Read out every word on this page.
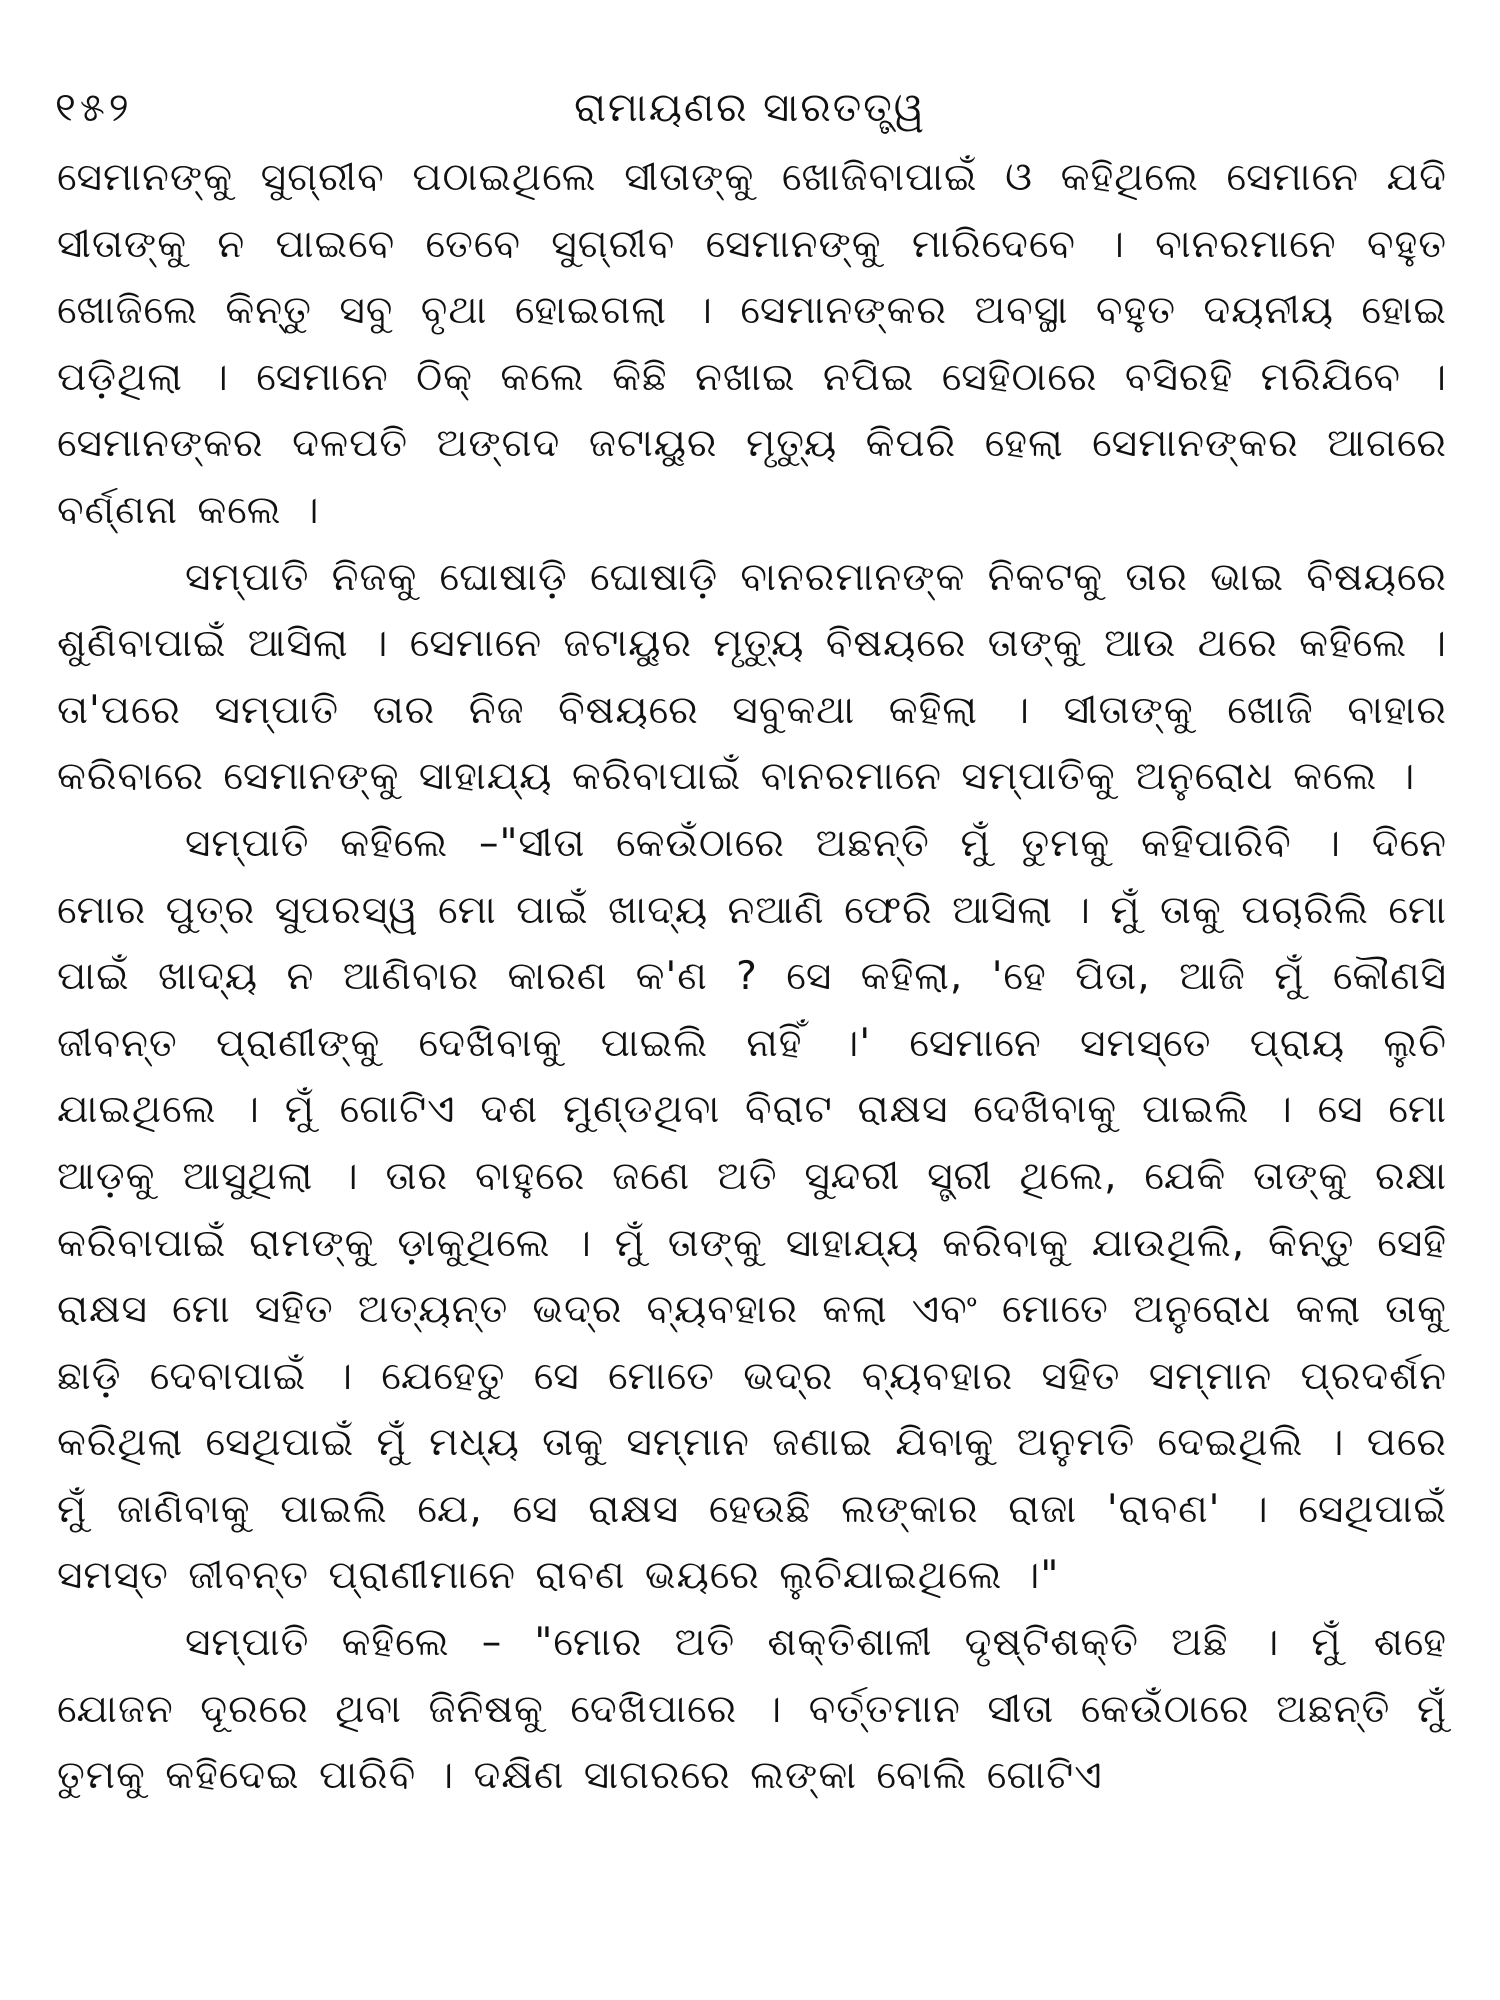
୧୫୨	ରାମାୟଣର ସାରତତ୍ତ୍ୱ

ସେମାନଙ୍କୁ ସୁଗ୍ରୀବ ପଠାଇଥିଲେ ସୀତାଙ୍କୁ ଖୋଜିବାପାଇଁ ଓ କହିଥିଲେ ସେମାନେ ଯଦି ସୀତାଙ୍କୁ ନ ପାଇବେ ତେବେ ସୁଗ୍ରୀବ ସେମାନଙ୍କୁ ମାରିଦେବେ । ବାନରମାନେ ବହୁତ ଖୋଜିଲେ କିନ୍ତୁ ସବୁ ବୃଥା ହୋଇଗଲା । ସେମାନଙ୍କର ଅବସ୍ଥା ବହୁତ ଦୟନୀୟ ହୋଇ ପଡ଼ିଥିଲା । ସେମାନେ ଠିକ୍ କଲେ କିଛି ନଖାଇ ନପିଇ ସେହିଠାରେ ବସିରହି ମରିଯିବେ । ସେମାନଙ୍କର ଦଳପତି ଅଙ୍ଗଦ ଜଟାୟୁର ମୃତ୍ୟୁ କିପରି ହେଲା ସେମାନଙ୍କର ଆଗରେ ବର୍ଣ୍ଣନା କଲେ ।

ସମ୍ପାତି ନିଜକୁ ଘୋଷାଡ଼ି ଘୋଷାଡ଼ି ବାନରମାନଙ୍କ ନିକଟକୁ ତାର ଭାଇ ବିଷୟରେ ଶୁଣିବାପାଇଁ ଆସିଲା । ସେମାନେ ଜଟାୟୁର ମୃତ୍ୟୁ ବିଷୟରେ ତାଙ୍କୁ ଆଉ ଥରେ କହିଲେ । ତା'ପରେ ସମ୍ପାତି ତାର ନିଜ ବିଷୟରେ ସବୁକଥା କହିଲା । ସୀତାଙ୍କୁ ଖୋଜି ବାହାର କରିବାରେ ସେମାନଙ୍କୁ ସାହାଯ୍ୟ କରିବାପାଇଁ ବାନରମାନେ ସମ୍ପାତିକୁ ଅନୁରୋଧ କଲେ ।

ସମ୍ପାତି କହିଲେ –"ସୀତା କେଉଁଠାରେ ଅଛନ୍ତି ମୁଁ ତୁମକୁ କହିପାରିବି । ଦିନେ ମୋର ପୁତ୍ର ସୁପରସ୍ୱ ମୋ ପାଇଁ ଖାଦ୍ୟ ନଆଣି ଫେରି ଆସିଲା । ମୁଁ ତାକୁ ପଚାରିଲି ମୋ ପାଇଁ ଖାଦ୍ୟ ନ ଆଣିବାର କାରଣ କ'ଣ ? ସେ କହିଲା, 'ହେ ପିତା, ଆଜି ମୁଁ କୌଣସି ଜୀବନ୍ତ ପ୍ରାଣୀଙ୍କୁ ଦେଖିବାକୁ ପାଇଲି ନାହିଁ ।' ସେମାନେ ସମସ୍ତେ ପ୍ରାୟ ଲୁଚି ଯାଇଥିଲେ । ମୁଁ ଗୋଟିଏ ଦଶ ମୁଣ୍ଡଥିବା ବିରାଟ ରାକ୍ଷସ ଦେଖିବାକୁ ପାଇଲି । ସେ ମୋ ଆଡ଼କୁ ଆସୁଥିଲା । ତାର ବାହୁରେ ଜଣେ ଅତି ସୁନ୍ଦରୀ ସ୍ତ୍ରୀ ଥିଲେ, ଯେକି ତାଙ୍କୁ ରକ୍ଷା କରିବାପାଇଁ ରାମଙ୍କୁ ଡ଼ାକୁଥିଲେ । ମୁଁ ତାଙ୍କୁ ସାହାଯ୍ୟ କରିବାକୁ ଯାଉଥିଲି, କିନ୍ତୁ ସେହି ରାକ୍ଷସ ମୋ ସହିତ ଅତ୍ୟନ୍ତ ଭଦ୍ର ବ୍ୟବହାର କଲା ଏବଂ ମୋତେ ଅନୁରୋଧ କଲା ତାକୁ ଛାଡ଼ି ଦେବାପାଇଁ । ଯେହେତୁ ସେ ମୋତେ ଭଦ୍ର ବ୍ୟବହାର ସହିତ ସମ୍ମାନ ପ୍ରଦର୍ଶନ କରିଥିଲା ସେଥିପାଇଁ ମୁଁ ମଧ୍ୟ ତାକୁ ସମ୍ମାନ ଜଣାଇ ଯିବାକୁ ଅନୁମତି ଦେଇଥିଲି । ପରେ ମୁଁ ଜାଣିବାକୁ ପାଇଲି ଯେ, ସେ ରାକ୍ଷସ ହେଉଛି ଲଙ୍କାର ରାଜା 'ରାବଣ' । ସେଥିପାଇଁ ସମସ୍ତ ଜୀବନ୍ତ ପ୍ରାଣୀମାନେ ରାବଣ ଭୟରେ ଲୁଚିଯାଇଥିଲେ ।"

ସମ୍ପାତି କହିଲେ – "ମୋର ଅତି ଶକ୍ତିଶାଳୀ ଦୃଷ୍ଟିଶକ୍ତି ଅଛି । ମୁଁ ଶହେ ଯୋଜନ ଦୂରରେ ଥିବା ଜିନିଷକୁ ଦେଖିପାରେ । ବର୍ତ୍ତମାନ ସୀତା କେଉଁଠାରେ ଅଛନ୍ତି ମୁଁ ତୁମକୁ କହିଦେଇ ପାରିବି । ଦକ୍ଷିଣ ସାଗରରେ ଲଙ୍କା ବୋଲି ଗୋଟିଏ
